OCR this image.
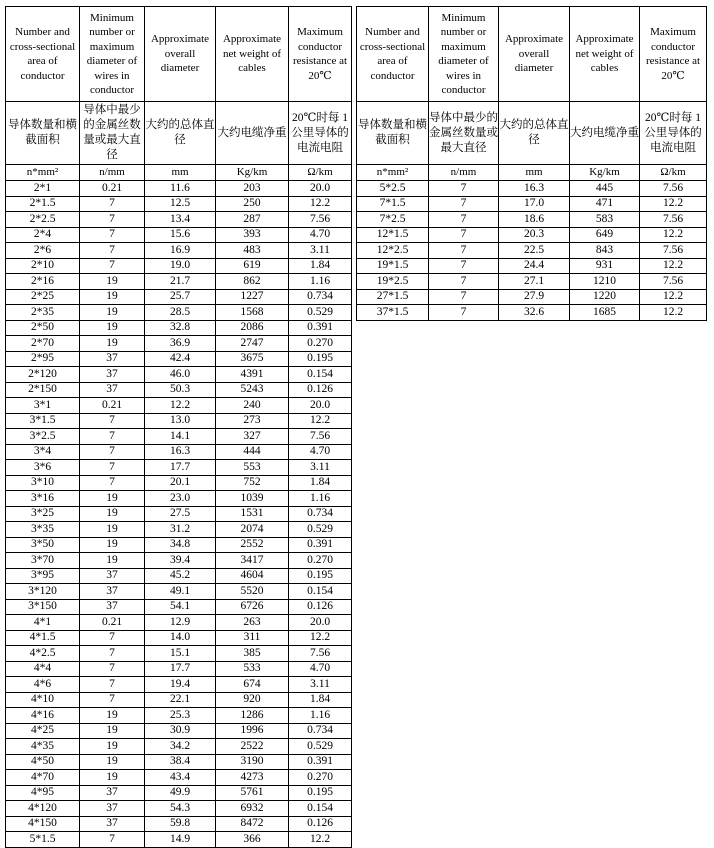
Number and cross-sectional area of conductor	Minimum number or maximum diameter of wires in conductor	Approximate overall diameter	Approximate net weight of cables	Maximum conductor resistance at 20℃
导体数量和横截面积	导体中最少的金属丝数量或最大直径	大约的总体直径	大约电缆净重	20℃时每 1 公里导体的电流电阻
n*mm²	n/mm	mm	Kg/km	Ω/km
2*1	0.21	11.6	203	20.0
2*1.5	7	12.5	250	12.2
2*2.5	7	13.4	287	7.56
2*4	7	15.6	393	4.70
2*6	7	16.9	483	3.11
2*10	7	19.0	619	1.84
2*16	19	21.7	862	1.16
2*25	19	25.7	1227	0.734
2*35	19	28.5	1568	0.529
2*50	19	32.8	2086	0.391
2*70	19	36.9	2747	0.270
2*95	37	42.4	3675	0.195
2*120	37	46.0	4391	0.154
2*150	37	50.3	5243	0.126
3*1	0.21	12.2	240	20.0
3*1.5	7	13.0	273	12.2
3*2.5	7	14.1	327	7.56
3*4	7	16.3	444	4.70
3*6	7	17.7	553	3.11
3*10	7	20.1	752	1.84
3*16	19	23.0	1039	1.16
3*25	19	27.5	1531	0.734
3*35	19	31.2	2074	0.529
3*50	19	34.8	2552	0.391
3*70	19	39.4	3417	0.270
3*95	37	45.2	4604	0.195
3*120	37	49.1	5520	0.154
3*150	37	54.1	6726	0.126
4*1	0.21	12.9	263	20.0
4*1.5	7	14.0	311	12.2
4*2.5	7	15.1	385	7.56
4*4	7	17.7	533	4.70
4*6	7	19.4	674	3.11
4*10	7	22.1	920	1.84
4*16	19	25.3	1286	1.16
4*25	19	30.9	1996	0.734
4*35	19	34.2	2522	0.529
4*50	19	38.4	3190	0.391
4*70	19	43.4	4273	0.270
4*95	37	49.9	5761	0.195
4*120	37	54.3	6932	0.154
4*150	37	59.8	8472	0.126
5*1.5	7	14.9	366	12.2
Number and cross-sectional area of conductor	Minimum number or maximum diameter of wires in conductor	Approximate overall diameter	Approximate net weight of cables	Maximum conductor resistance at 20℃
导体数量和横截面积	导体中最少的金属丝数量或最大直径	大约的总体直径	大约电缆净重	20℃时每 1 公里导体的电流电阻
n*mm²	n/mm	mm	Kg/km	Ω/km
5*2.5	7	16.3	445	7.56
7*1.5	7	17.0	471	12.2
7*2.5	7	18.6	583	7.56
12*1.5	7	20.3	649	12.2
12*2.5	7	22.5	843	7.56
19*1.5	7	24.4	931	12.2
19*2.5	7	27.1	1210	7.56
27*1.5	7	27.9	1220	12.2
37*1.5	7	32.6	1685	12.2
